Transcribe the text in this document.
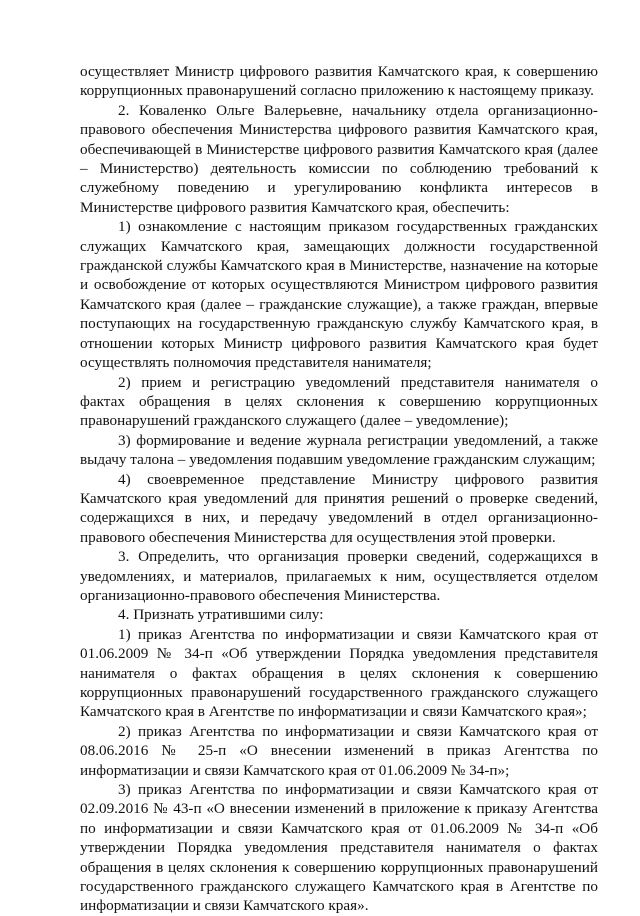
осуществляет Министр цифрового развития Камчатского края, к совершению коррупционных правонарушений согласно приложению к настоящему приказу.

2. Коваленко Ольге Валерьевне, начальнику отдела организационно-правового обеспечения Министерства цифрового развития Камчатского края, обеспечивающей в Министерстве цифрового развития Камчатского края (далее – Министерство) деятельность комиссии по соблюдению требований к служебному поведению и урегулированию конфликта интересов в Министерстве цифрового развития Камчатского края, обеспечить:

1) ознакомление с настоящим приказом государственных гражданских служащих Камчатского края, замещающих должности государственной гражданской службы Камчатского края в Министерстве, назначение на которые и освобождение от которых осуществляются Министром цифрового развития Камчатского края (далее – гражданские служащие), а также граждан, впервые поступающих на государственную гражданскую службу Камчатского края, в отношении которых Министр цифрового развития Камчатского края будет осуществлять полномочия представителя нанимателя;

2) прием и регистрацию уведомлений представителя нанимателя о фактах обращения в целях склонения к совершению коррупционных правонарушений гражданского служащего (далее – уведомление);

3) формирование и ведение журнала регистрации уведомлений, а также выдачу талона – уведомления подавшим уведомление гражданским служащим;

4) своевременное представление Министру цифрового развития Камчатского края уведомлений для принятия решений о проверке сведений, содержащихся в них, и передачу уведомлений в отдел организационно-правового обеспечения Министерства для осуществления этой проверки.

3. Определить, что организация проверки сведений, содержащихся в уведомлениях, и материалов, прилагаемых к ним, осуществляется отделом организационно-правового обеспечения Министерства.

4. Признать утратившими силу:

1) приказ Агентства по информатизации и связи Камчатского края от 01.06.2009 № 34-п «Об утверждении Порядка уведомления представителя нанимателя о фактах обращения в целях склонения к совершению коррупционных правонарушений государственного гражданского служащего Камчатского края в Агентстве по информатизации и связи Камчатского края»;

2) приказ Агентства по информатизации и связи Камчатского края от 08.06.2016 № 25-п «О внесении изменений в приказ Агентства по информатизации и связи Камчатского края от 01.06.2009 № 34-п»;

3) приказ Агентства по информатизации и связи Камчатского края от 02.09.2016 № 43-п «О внесении изменений в приложение к приказу Агентства по информатизации и связи Камчатского края от 01.06.2009 № 34-п «Об утверждении Порядка уведомления представителя нанимателя о фактах обращения в целях склонения к совершению коррупционных правонарушений государственного гражданского служащего Камчатского края в Агентстве по информатизации и связи Камчатского края».
